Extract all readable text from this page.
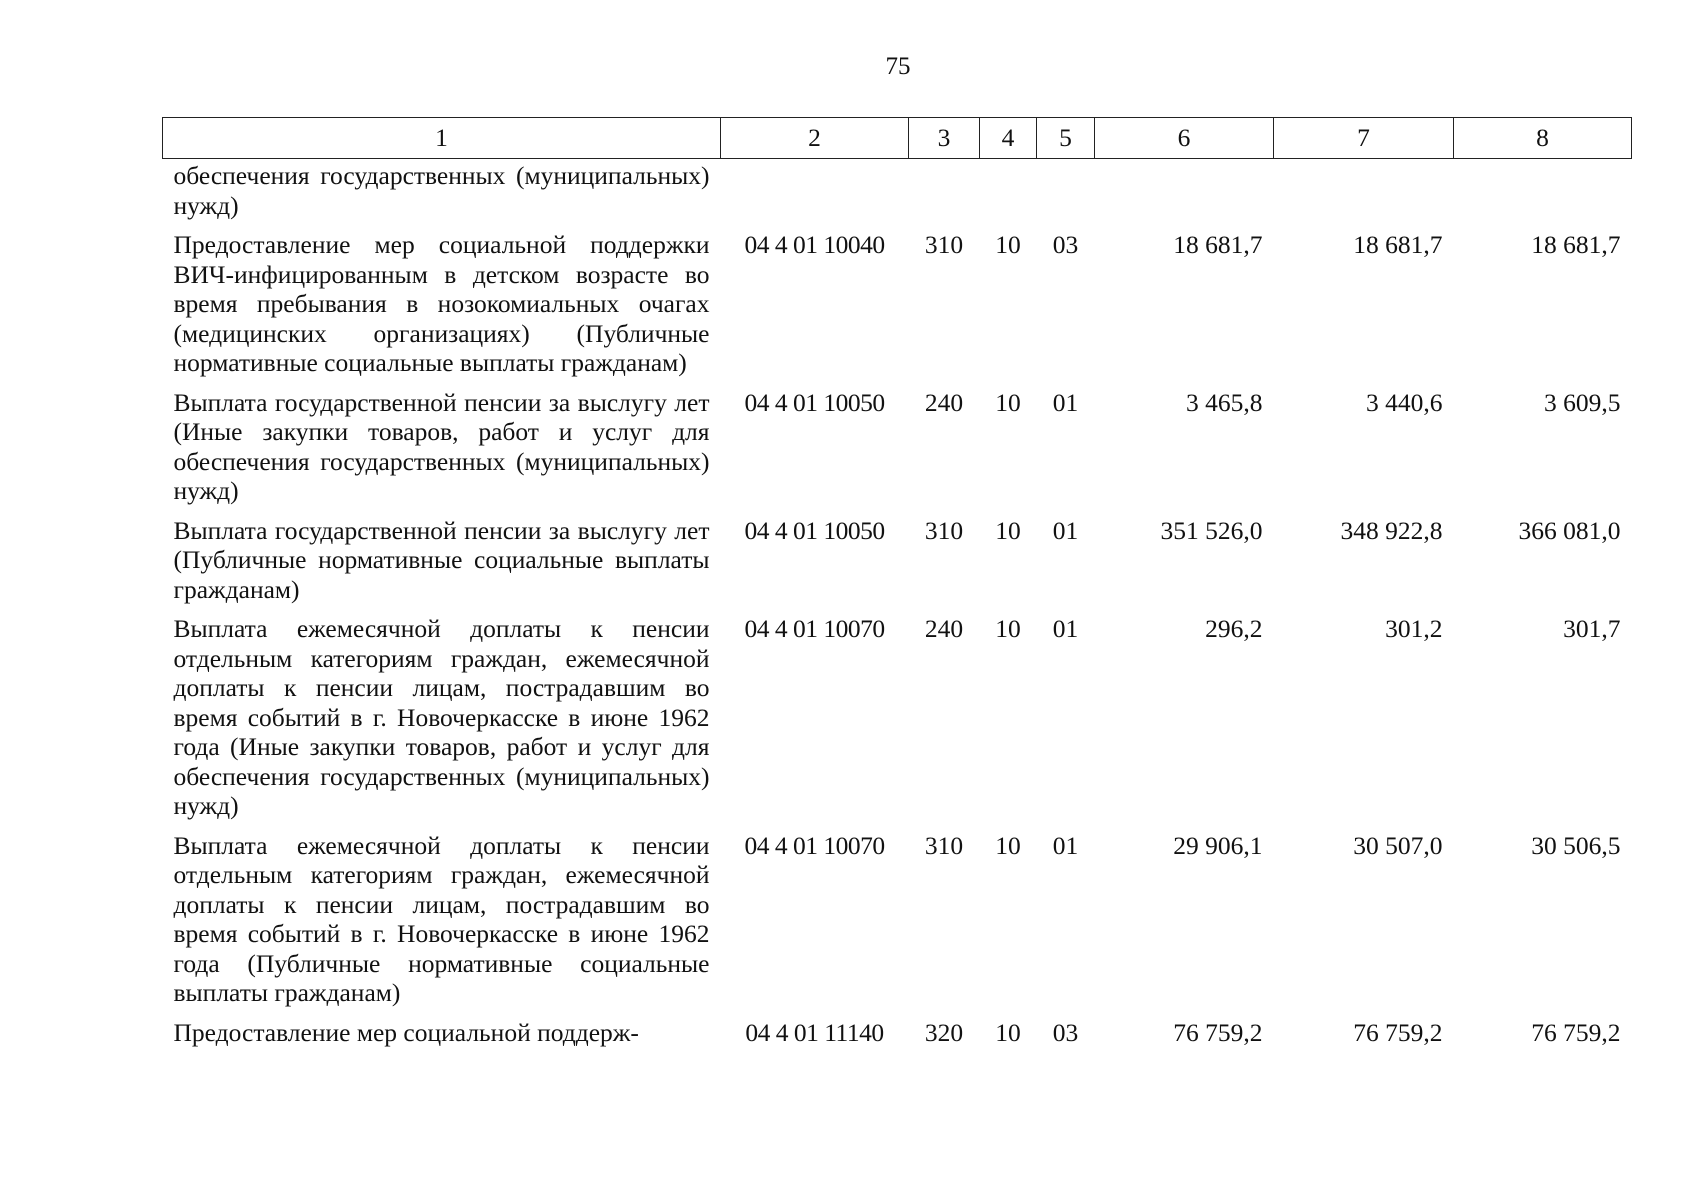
75
1	2	3	4	5	6	7	8
обеспечения государственных (муниципальных) нужд)							
Предоставление мер социальной поддержки ВИЧ-инфицированным в детском возрасте во время пребывания в нозокомиальных очагах (медицинских организациях) (Публичные нормативные социальные выплаты гражданам)	04 4 01 10040	310	10	03	18 681,7	18 681,7	18 681,7
Выплата государственной пенсии за выслугу лет (Иные закупки товаров, работ и услуг для обеспечения государственных (муниципальных) нужд)	04 4 01 10050	240	10	01	3 465,8	3 440,6	3 609,5
Выплата государственной пенсии за выслугу лет (Публичные нормативные социальные выплаты гражданам)	04 4 01 10050	310	10	01	351 526,0	348 922,8	366 081,0
Выплата ежемесячной доплаты к пенсии отдельным категориям граждан, ежемесячной доплаты к пенсии лицам, пострадавшим во время событий в г. Новочеркасске в июне 1962 года (Иные закупки товаров, работ и услуг для обеспечения государственных (муниципальных) нужд)	04 4 01 10070	240	10	01	296,2	301,2	301,7
Выплата ежемесячной доплаты к пенсии отдельным категориям граждан, ежемесячной доплаты к пенсии лицам, пострадавшим во время событий в г. Новочеркасске в июне 1962 года (Публичные нормативные социальные выплаты гражданам)	04 4 01 10070	310	10	01	29 906,1	30 507,0	30 506,5
Предоставление мер социальной поддерж-	04 4 01 11140	320	10	03	76 759,2	76 759,2	76 759,2
